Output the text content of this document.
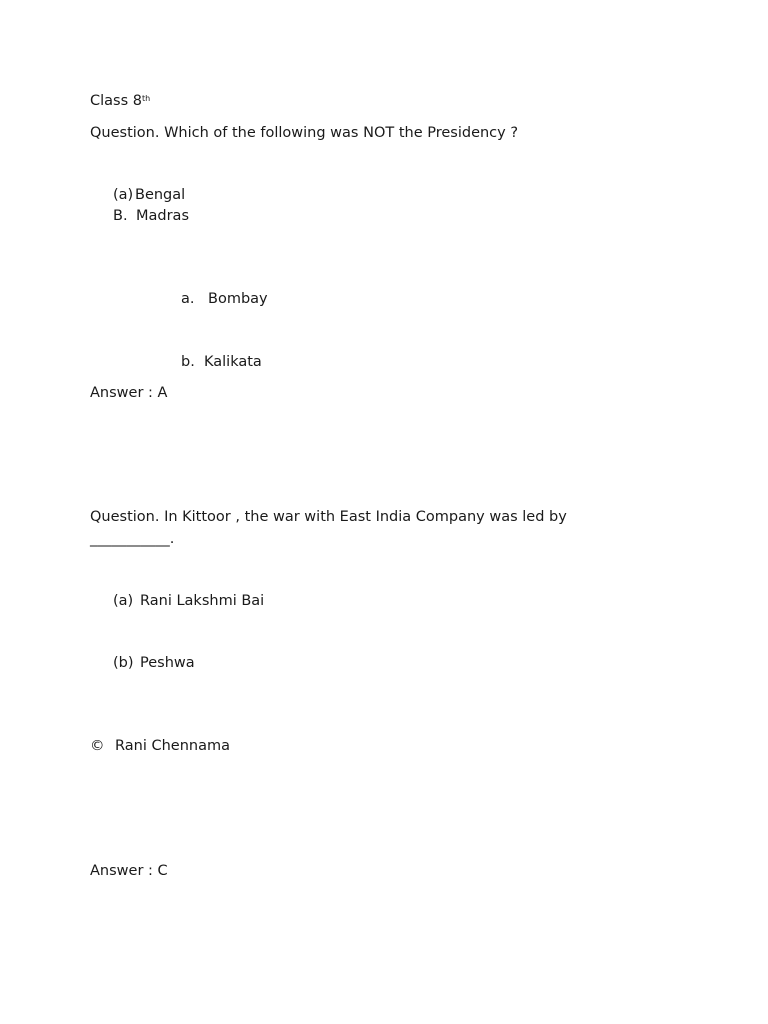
Class 8th
Question. Which of the following was NOT the Presidency ?
(a) Bengal
B. Madras
a. Bombay
b. Kalikata
Answer : A
Question. In Kittoor , the war with East India Company was led by
___________.
(a) Rani Lakshmi Bai
(b) Peshwa
© Rani Chennama
Answer : C
